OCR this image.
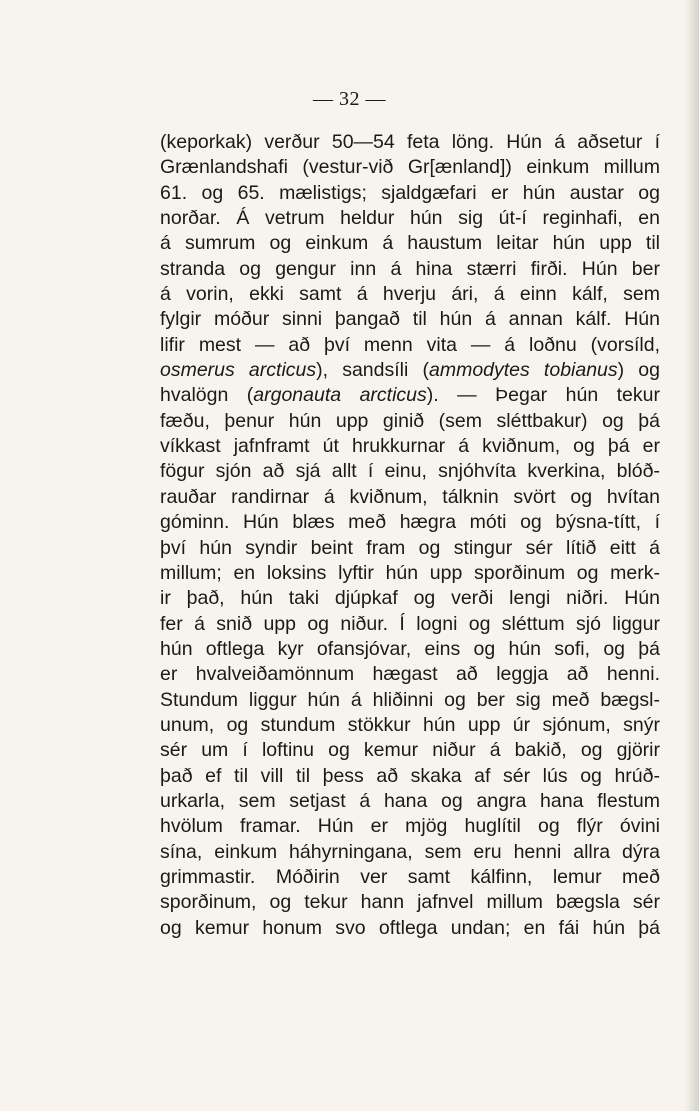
— 32 —
(keporkak) verður 50—54 feta löng. Hún á aðsetur í
Grænlandshafi (vestur-við Gr[ænland]) einkum millum
61. og 65. mælistigs; sjaldgæfari er hún austar og
norðar. Á vetrum heldur hún sig út-í reginhafi, en
á sumrum og einkum á haustum leitar hún upp til
stranda og gengur inn á hina stærri firði. Hún ber
á vorin, ekki samt á hverju ári, á einn kálf, sem
fylgir móður sinni þangað til hún á annan kálf. Hún
lifir mest — að því menn vita — á loðnu (vorsíld,
osmerus arcticus), sandsíli (ammodytes tobianus) og
hvalögn (argonauta arcticus). — Þegar hún tekur
fæðu, þenur hún upp ginið (sem sléttbakur) og þá
víkkast jafnframt út hrukkurnar á kviðnum, og þá er
fögur sjón að sjá allt í einu, snjóhvíta kverkina, blóð-
rauðar randirnar á kviðnum, tálknin svört og hvítan
góminn. Hún blæs með hægra móti og býsna-títt, í
því hún syndir beint fram og stingur sér lítið eitt á
millum; en loksins lyftir hún upp sporðinum og merk-
ir það, hún taki djúpkaf og verði lengi niðri. Hún
fer á snið upp og niður. Í logni og sléttum sjó liggur
hún oftlega kyr ofansjóvar, eins og hún sofi, og þá
er hvalveiðamönnum hægast að leggja að henni.
Stundum liggur hún á hliðinni og ber sig með bægsl-
unum, og stundum stökkur hún upp úr sjónum, snýr
sér um í loftinu og kemur niður á bakið, og gjörir
það ef til vill til þess að skaka af sér lús og hrúð-
urkarla, sem setjast á hana og angra hana flestum
hvölum framar. Hún er mjög huglítil og flýr óvini
sína, einkum háhyrningana, sem eru henni allra dýra
grimmastir. Móðirin ver samt kálfinn, lemur með
sporðinum, og tekur hann jafnvel millum bægsla sér
og kemur honum svo oftlega undan; en fái hún þá
